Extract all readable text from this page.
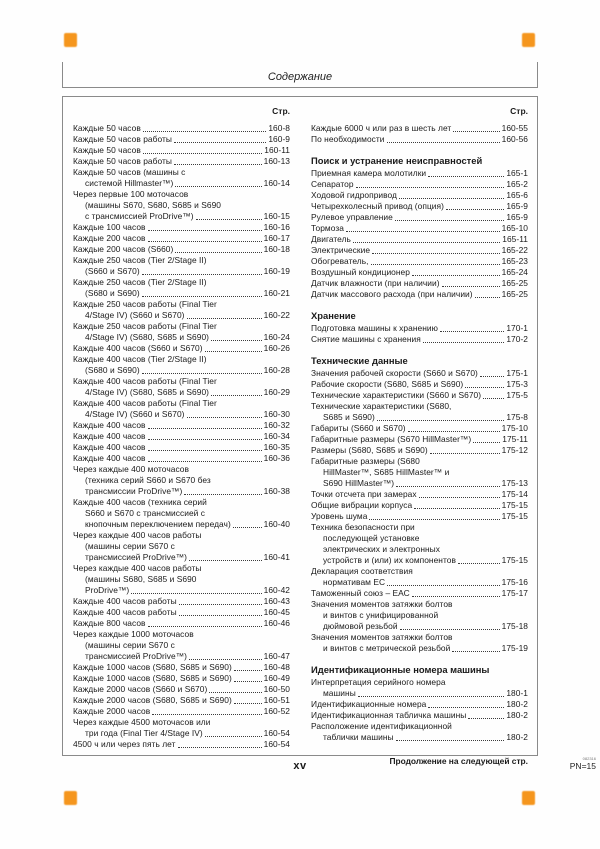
Содержание
Стр.
Каждые 50 часов	160-8
Каждые 50 часов работы	160-9
Каждые 50 часов	160-11
Каждые 50 часов работы	160-13
Каждые 50 часов (машины с
системой Hillmaster™)	160-14
Через первые 100 моточасов
(машины S670, S680, S685 и S690
с трансмиссией ProDrive™)	160-15
Каждые 100 часов	160-16
Каждые 200 часов	160-17
Каждые 200 часов (S660)	160-18
Каждые 250 часов (Tier 2/Stage II)
(S660 и S670)	160-19
Каждые 250 часов (Tier 2/Stage II)
(S680 и S690)	160-21
Каждые 250 часов работы (Final Tier
4/Stage IV) (S660 и S670)	160-22
Каждые 250 часов работы (Final Tier
4/Stage IV) (S680, S685 и S690)	160-24
Каждые 400 часов (S660 и S670)	160-26
Каждые 400 часов (Tier 2/Stage II)
(S680 и S690)	160-28
Каждые 400 часов работы (Final Tier
4/Stage IV) (S680, S685 и S690)	160-29
Каждые 400 часов работы (Final Tier
4/Stage IV) (S660 и S670)	160-30
Каждые 400 часов	160-32
Каждые 400 часов	160-34
Каждые 400 часов	160-35
Каждые 400 часов	160-36
Через каждые 400 моточасов
(техника серий S660 и S670 без
трансмиссии ProDrive™)	160-38
Каждые 400 часов (техника серий
S660 и S670 с трансмиссией с
кнопочным переключением передач)	160-40
Через каждые 400 часов работы
(машины серии S670 с
трансмиссией ProDrive™)	160-41
Через каждые 400 часов работы
(машины S680, S685 и S690
ProDrive™)	160-42
Каждые 400 часов работы	160-43
Каждые 400 часов работы	160-45
Каждые 800 часов	160-46
Через каждые 1000 моточасов
(машины серии S670 с
трансмиссией ProDrive™)	160-47
Каждые 1000 часов (S680, S685 и S690)	160-48
Каждые 1000 часов (S680, S685 и S690)	160-49
Каждые 2000 часов (S660 и S670)	160-50
Каждые 2000 часов (S680, S685 и S690)	160-51
Каждые 2000 часов	160-52
Через каждые 4500 моточасов или
три года (Final Tier 4/Stage IV)	160-54
4500 ч или через пять лет	160-54
Стр.
Каждые 6000 ч или раз в шесть лет	160-55
По необходимости	160-56
Поиск и устранение неисправностей
Приемная камера молотилки	165-1
Сепаратор	165-2
Ходовой гидропривод	165-6
Четырехколесный привод (опция)	165-9
Рулевое управление	165-9
Тормоза	165-10
Двигатель	165-11
Электрические	165-22
Обогреватель,	165-23
Воздушный кондиционер	165-24
Датчик влажности (при наличии)	165-25
Датчик массового расхода (при наличии)	165-25
Хранение
Подготовка машины к хранению	170-1
Снятие машины с хранения	170-2
Технические данные
Значения рабочей скорости (S660 и S670)	175-1
Рабочие скорости (S680, S685 и S690)	175-3
Технические характеристики (S660 и S670)	175-5
Технические характеристики (S680,
S685 и S690)	175-8
Габариты (S660 и S670)	175-10
Габаритные размеры (S670 HillMaster™)	175-11
Размеры (S680, S685 и S690)	175-12
Габаритные размеры (S680
HillMaster™, S685 HillMaster™ и
S690 HillMaster™)	175-13
Точки отсчета при замерах	175-14
Общие вибрации корпуса	175-15
Уровень шума	175-15
Техника безопасности при
последующей установке
электрических и электронных
устройств и (или) их компонентов	175-15
Декларация соответствия
нормативам ЕС	175-16
Таможенный союз – ЕАС	175-17
Значения моментов затяжки болтов
и винтов с унифицированной
дюймовой резьбой	175-18
Значения моментов затяжки болтов
и винтов с метрической резьбой	175-19
Идентификационные номера машины
Интерпретация серийного номера
машины	180-1
Идентификационные номера	180-2
Идентификационная табличка машины	180-2
Расположение идентификационной
таблички машины	180-2
Продолжение на следующей стр.
xv
082316
PN=15
